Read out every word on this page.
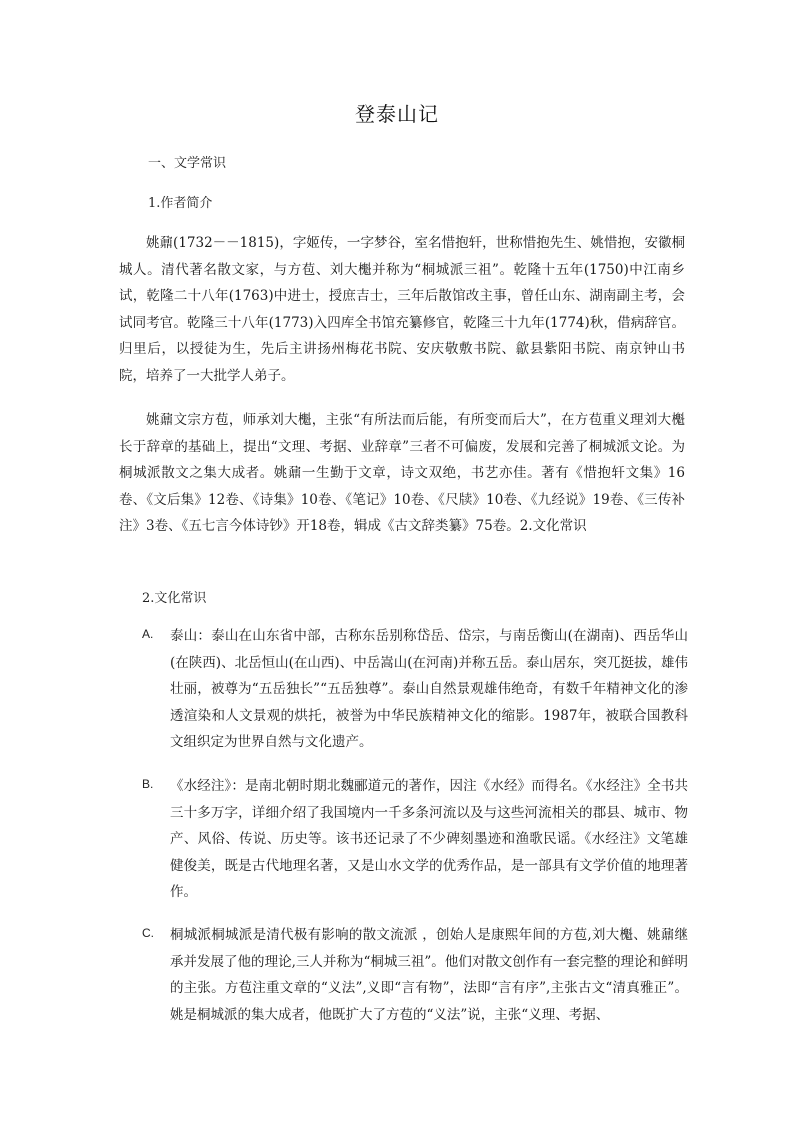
登泰山记
一、文学常识
1.作者简介
姚鼐(1732－－1815)，字姬传，一字梦谷，室名惜抱轩，世称惜抱先生、姚惜抱，安徽桐城人。清代著名散文家，与方苞、刘大櫆并称为“桐城派三祖”。乾隆十五年(1750)中江南乡试，乾隆二十八年(1763)中进士，授庶吉士，三年后散馆改主事，曾任山东、湖南副主考，会试同考官。乾隆三十八年(1773)入四库全书馆充纂修官，乾隆三十九年(1774)秋，借病辞官。归里后，以授徒为生，先后主讲扬州梅花书院、安庆敬敷书院、歙县紫阳书院、南京钟山书院，培养了一大批学人弟子。
姚鼐文宗方苞，师承刘大櫆，主张“有所法而后能，有所变而后大”，在方苞重义理刘大櫆长于辞章的基础上，提出“文理、考据、业辞章”三者不可偏废，发展和完善了桐城派文论。为桐城派散文之集大成者。姚鼐一生勤于文章，诗文双绝，书艺亦佳。著有《惜抱轩文集》16卷、《文后集》12卷、《诗集》10卷、《笔记》10卷、《尺牍》10卷、《九经说》19卷、《三传补注》3卷、《五七言今体诗钞》开18卷，辑成《古文辞类纂》75卷。2.文化常识
2.文化常识
A.	泰山：泰山在山东省中部，古称东岳别称岱岳、岱宗，与南岳衡山(在湖南)、西岳华山(在陕西)、北岳恒山(在山西)、中岳嵩山(在河南)并称五岳。泰山居东，突兀挺拔，雄伟壮丽，被尊为“五岳独长”“五岳独尊”。泰山自然景观雄伟绝奇，有数千年精神文化的渗透渲染和人文景观的烘托，被誉为中华民族精神文化的缩影。1987年，被联合国教科文组织定为世界自然与文化遗产。
B.	《水经注》：是南北朝时期北魏郦道元的著作，因注《水经》而得名。《水经注》全书共三十多万字，详细介绍了我国境内一千多条河流以及与这些河流相关的郡县、城市、物产、风俗、传说、历史等。该书还记录了不少碑刻墨迹和渔歌民谣。《水经注》文笔雄健俊美，既是古代地理名著，又是山水文学的优秀作品，是一部具有文学价值的地理著作。
C.	桐城派桐城派是清代极有影响的散文流派 ，创始人是康熙年间的方苞,刘大櫆、姚鼐继承并发展了他的理论,三人并称为“桐城三祖”。他们对散文创作有一套完整的理论和鲜明的主张。方苞注重文章的“义法”,义即“言有物”，法即“言有序”,主张古文“清真雅正”。姚是桐城派的集大成者，他既扩大了方苞的“义法”说，主张“义理、考据、
